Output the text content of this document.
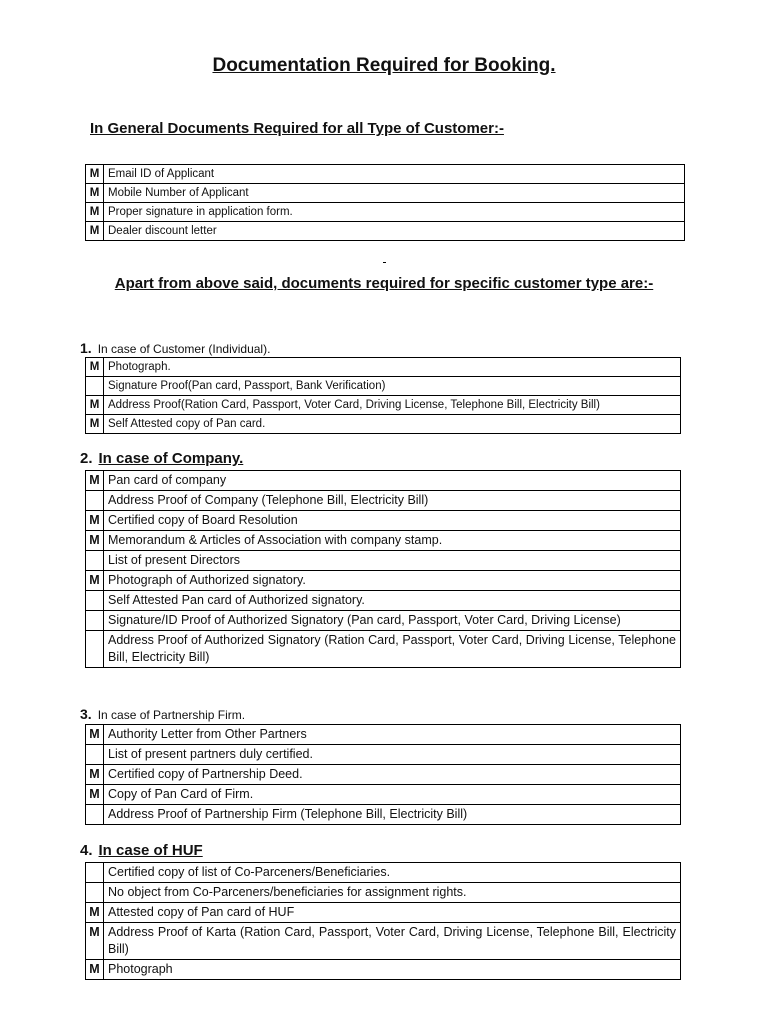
Documentation Required for Booking.
In General Documents Required for all Type of Customer:-
M	Email ID of Applicant
M	Mobile Number of Applicant
M	Proper signature in application form.
M	Dealer discount letter
Apart from above said, documents required for specific customer type are:-
1. In case of Customer (Individual).
M	Photograph.
	Signature Proof(Pan card, Passport, Bank Verification)
M	Address Proof(Ration Card, Passport, Voter Card, Driving License, Telephone Bill, Electricity Bill)
M	Self Attested copy of Pan card.
2. In case of Company.
M	Pan card of company
	Address Proof of Company (Telephone Bill, Electricity Bill)
M	Certified copy of Board Resolution
M	Memorandum & Articles of Association with company stamp.
	List of present Directors
M	Photograph of Authorized signatory.
	Self Attested Pan card of Authorized signatory.
	Signature/ID Proof of Authorized Signatory (Pan card, Passport, Voter Card, Driving License)
	Address Proof of Authorized Signatory (Ration Card, Passport, Voter Card, Driving License, Telephone Bill, Electricity Bill)
3. In case of Partnership Firm.
M	Authority Letter from Other Partners
	List of present partners duly certified.
M	Certified copy of Partnership Deed.
M	Copy of Pan Card of Firm.
	Address Proof of Partnership Firm (Telephone Bill, Electricity Bill)
4. In case of HUF
	Certified copy of list of Co-Parceners/Beneficiaries.
	No object from Co-Parceners/beneficiaries for assignment rights.
M	Attested copy of Pan card of HUF
M	Address Proof of Karta (Ration Card, Passport, Voter Card, Driving License, Telephone Bill, Electricity Bill)
M	Photograph
